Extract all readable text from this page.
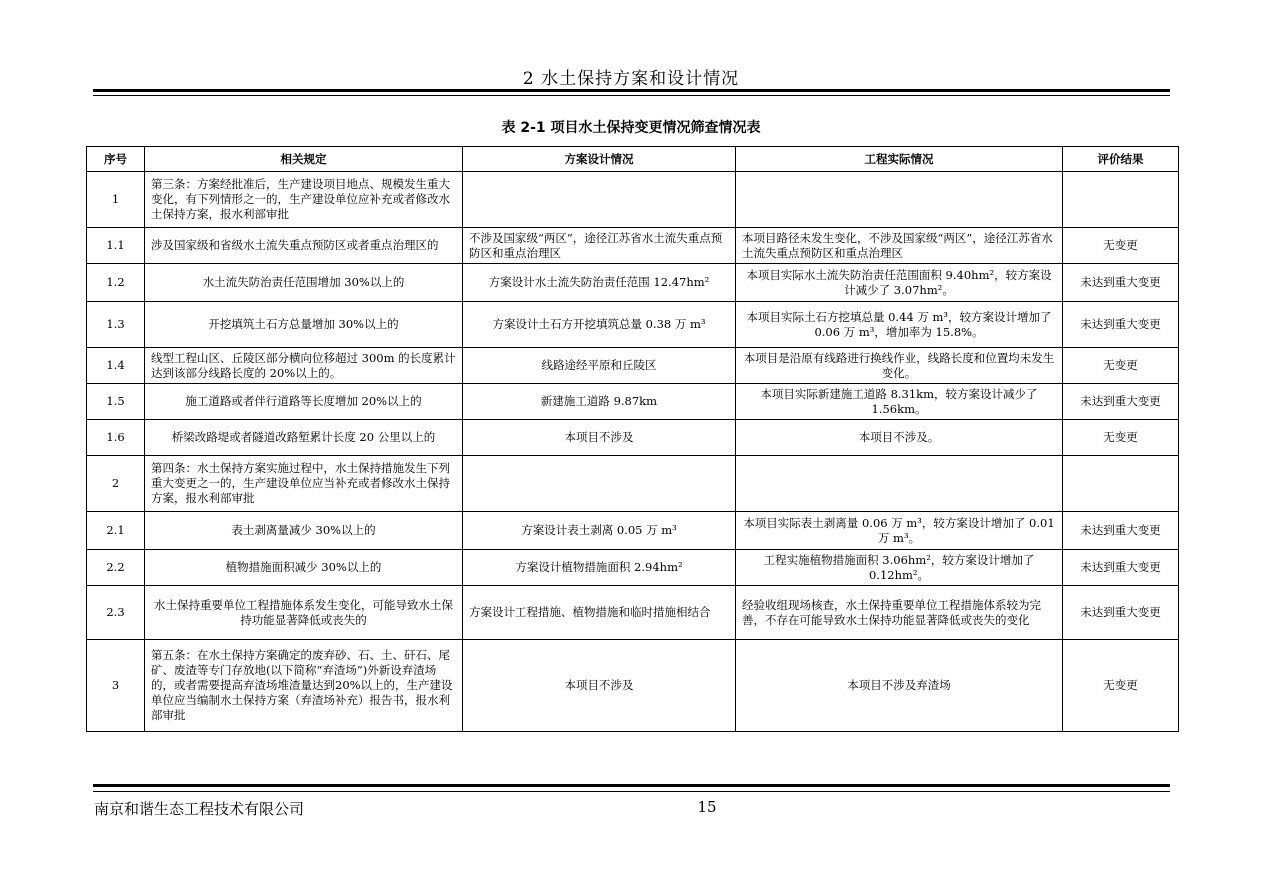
2 水土保持方案和设计情况
表 2-1 项目水土保持变更情况筛查情况表
序号	相关规定	方案设计情况	工程实际情况	评价结果
1	第三条：方案经批准后，生产建设项目地点、规模发生重大变化，有下列情形之一的，生产建设单位应补充或者修改水土保持方案，报水利部审批			
1.1	涉及国家级和省级水土流失重点预防区或者重点治理区的	不涉及国家级“两区”，途径江苏省水土流失重点预防区和重点治理区	本项目路径未发生变化，不涉及国家级“两区”，途径江苏省水土流失重点预防区和重点治理区	无变更
1.2	水土流失防治责任范围增加 30%以上的	方案设计水土流失防治责任范围 12.47hm²	本项目实际水土流失防治责任范围面积 9.40hm²，较方案设计减少了 3.07hm²。	未达到重大变更
1.3	开挖填筑土石方总量增加 30%以上的	方案设计土石方开挖填筑总量 0.38 万 m³	本项目实际土石方挖填总量 0.44 万 m³，较方案设计增加了 0.06 万 m³，增加率为 15.8%。	未达到重大变更
1.4	线型工程山区、丘陵区部分横向位移超过 300m 的长度累计达到该部分线路长度的 20%以上的。	线路途经平原和丘陵区	本项目是沿原有线路进行换线作业，线路长度和位置均未发生变化。	无变更
1.5	施工道路或者伴行道路等长度增加 20%以上的	新建施工道路 9.87km	本项目实际新建施工道路 8.31km，较方案设计减少了 1.56km。	未达到重大变更
1.6	桥梁改路堤或者隧道改路堑累计长度 20 公里以上的	本项目不涉及	本项目不涉及。	无变更
2	第四条：水土保持方案实施过程中，水土保持措施发生下列重大变更之一的，生产建设单位应当补充或者修改水土保持方案，报水利部审批			
2.1	表土剥离量减少 30%以上的	方案设计表土剥离 0.05 万 m³	本项目实际表土剥离量 0.06 万 m³，较方案设计增加了 0.01 万 m³。	未达到重大变更
2.2	植物措施面积减少 30%以上的	方案设计植物措施面积 2.94hm²	工程实施植物措施面积 3.06hm²，较方案设计增加了 0.12hm²。	未达到重大变更
2.3	水土保持重要单位工程措施体系发生变化，可能导致水土保持功能显著降低或丧失的	方案设计工程措施、植物措施和临时措施相结合	经验收组现场核查，水土保持重要单位工程措施体系较为完善，不存在可能导致水土保持功能显著降低或丧失的变化	未达到重大变更
3	第五条：在水土保持方案确定的废弃砂、石、土、矸石、尾矿、废渣等专门存放地(以下简称“弃渣场”)外新设弃渣场的，或者需要提高弃渣场堆渣量达到20%以上的，生产建设单位应当编制水土保持方案（弃渣场补充）报告书，报水利部审批	本项目不涉及	本项目不涉及弃渣场	无变更
南京和谐生态工程技术有限公司	15
